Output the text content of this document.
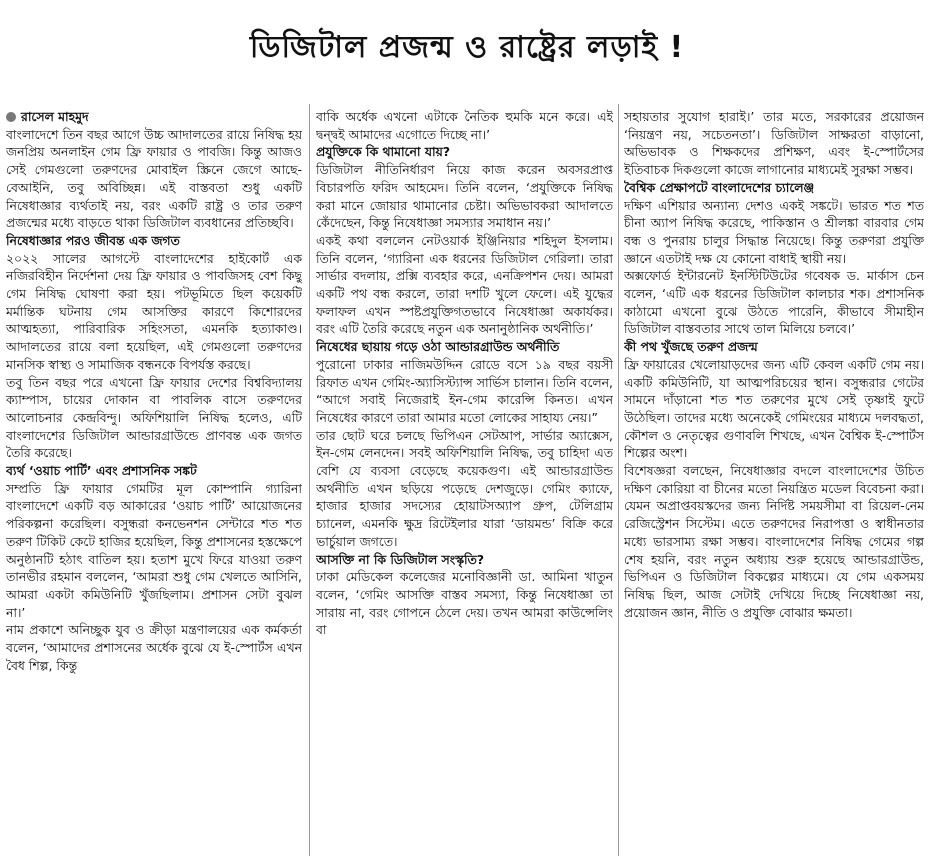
ডিজিটাল প্রজন্ম ও রাষ্ট্রের লড়াই !

রাসেল মাহমুদ

বাংলাদেশে তিন বছর আগে উচ্চ আদালতের রায়ে নিষিদ্ধ হয় জনপ্রিয় অনলাইন গেম ফ্রি ফায়ার ও পাবজি। কিন্তু আজও সেই গেমগুলো তরুণদের মোবাইল স্ক্রিনে জেগে আছে- বেআইনি, তবু অবিচ্ছিন্ন। এই বাস্তবতা শুধু একটি নিষেধাজ্ঞার ব্যর্থতাই নয়, বরং একটি রাষ্ট্র ও তার তরুণ প্রজন্মের মধ্যে বাড়তে থাকা ডিজিটাল ব্যবধানের প্রতিচ্ছবি।

নিষেধাজ্ঞার পরও জীবন্ত এক জগত

২০২২ সালের আগস্টে বাংলাদেশের হাইকোর্ট এক নজিরবিহীন নির্দেশনা দেয় ফ্রি ফায়ার ও পাবজিসহ বেশ কিছু গেম নিষিদ্ধ ঘোষণা করা হয়। পটভূমিতে ছিল কয়েকটি মর্মান্তিক ঘটনায় গেম আসক্তির কারণে কিশোরদের আত্মহত্যা, পারিবারিক সহিংসতা, এমনকি হত্যাকাণ্ড। আদালতের রায়ে বলা হয়েছিল, এই গেমগুলো তরুণদের মানসিক স্বাস্থ্য ও সামাজিক বন্ধনকে বিপর্যস্ত করছে।

তবু তিন বছর পরে এখনো ফ্রি ফায়ার দেশের বিশ্ববিদ্যালয় ক্যাম্পাস, চায়ের দোকান বা পাবলিক বাসে তরুণদের আলোচনার কেন্দ্রবিন্দু। অফিশিয়ালি নিষিদ্ধ হলেও, এটি বাংলাদেশের ডিজিটাল আন্ডারগ্রাউন্ডে প্রাণবন্ত এক জগত তৈরি করেছে।

ব্যর্থ ‘ওয়াচ পার্টি’ এবং প্রশাসনিক সঙ্কট

সম্প্রতি ফ্রি ফায়ার গেমটির মূল কোম্পানি গ্যারিনা বাংলাদেশে একটি বড় আকারের ‘ওয়াচ পার্টি’ আয়োজনের পরিকল্পনা করেছিল। বসুন্ধরা কনভেনশন সেন্টারে শত শত তরুণ টিকিট কেটে হাজির হয়েছিল, কিন্তু প্রশাসনের হস্তক্ষেপে অনুষ্ঠানটি হঠাৎ বাতিল হয়। হতাশ মুখে ফিরে যাওয়া তরুণ তানভীর রহমান বললেন, ‘আমরা শুধু গেম খেলতে আসিনি, আমরা একটা কমিউনিটি খুঁজছিলাম। প্রশাসন সেটা বুঝল না।’

নাম প্রকাশে অনিচ্ছুক যুব ও ক্রীড়া মন্ত্রণালয়ের এক কর্মকর্তা বলেন, ‘আমাদের প্রশাসনের অর্ধেক বুঝে যে ই-স্পোর্টস এখন বৈধ শিল্প, কিন্তু

বাকি অর্ধেক এখনো এটাকে নৈতিক হুমকি মনে করে। এই দ্বন্দ্বই আমাদের এগোতে দিচ্ছে না।’

প্রযুক্তিকে কি থামানো যায়?

ডিজিটাল নীতিনির্ধারণ নিয়ে কাজ করেন অবসরপ্রাপ্ত বিচারপতি ফরিদ আহমেদ। তিনি বলেন, ‘প্রযুক্তিকে নিষিদ্ধ করা মানে জোয়ার থামানোর চেষ্টা। অভিভাবকরা আদালতে কেঁদেছেন, কিন্তু নিষেধাজ্ঞা সমস্যার সমাধান নয়।’

একই কথা বললেন নেটওয়ার্ক ইঞ্জিনিয়ার শহিদুল ইসলাম। তিনি বলেন, ‘গ্যারিনা এক ধরনের ডিজিটাল গেরিলা। তারা সার্ভার বদলায়, প্রক্সি ব্যবহার করে, এনক্রিপশন দেয়। আমরা একটি পথ বন্ধ করলে, তারা দশটি খুলে ফেলে। এই যুদ্ধের ফলাফল এখন স্পষ্টপ্রযুক্তিগতভাবে নিষেধাজ্ঞা অকার্যকর। বরং এটি তৈরি করেছে নতুন এক অনানুষ্ঠানিক অর্থনীতি।’

নিষেধের ছায়ায় গড়ে ওঠা আন্ডারগ্রাউন্ড অর্থনীতি

পুরোনো ঢাকার নাজিমউদ্দিন রোডে বসে ১৯ বছর বয়সী রিফাত এখন গেমিং-অ্যাসিস্ট্যান্স সার্ভিস চালান। তিনি বলেন, “আগে সবাই নিজেরাই ইন-গেম কারেন্সি কিনত। এখন নিষেধের কারণে তারা আমার মতো লোকের সাহায্য নেয়।”

তার ছোট ঘরে চলছে ভিপিএন সেটআপ, সার্ভার অ্যাক্সেস, ইন-গেম লেনদেন। সবই অফিশিয়ালি নিষিদ্ধ, তবু চাহিদা এত বেশি যে ব্যবসা বেড়েছে কয়েকগুণ। এই আন্ডারগ্রাউন্ড অর্থনীতি এখন ছড়িয়ে পড়েছে দেশজুড়ে। গেমিং ক্যাফে, হাজার হাজার সদস্যের হোয়াটসঅ্যাপ গ্রুপ, টেলিগ্রাম চ্যানেল, এমনকি ক্ষুদ্র রিটেইলার যারা ‘ডায়মন্ড’ বিক্রি করে ভার্চুয়াল জগতে।

আসক্তি না কি ডিজিটাল সংস্কৃতি?

ঢাকা মেডিকেল কলেজের মনোবিজ্ঞানী ডা. আমিনা খাতুন বলেন, ‘গেমিং আসক্তি বাস্তব সমস্যা, কিন্তু নিষেধাজ্ঞা তা সারায় না, বরং গোপনে ঠেলে দেয়। তখন আমরা কাউন্সেলিং বা

সহায়তার সুযোগ হারাই।’ তার মতে, সরকারের প্রয়োজন ‘নিয়ন্ত্রণ নয়, সচেতনতা’। ডিজিটাল সাক্ষরতা বাড়ানো, অভিভাবক ও শিক্ষকদের প্রশিক্ষণ, এবং ই-স্পোর্টসের ইতিবাচক দিকগুলো কাজে লাগানোর মাধ্যমেই সুরক্ষা সম্ভব।

বৈশ্বিক প্রেক্ষাপটে বাংলাদেশের চ্যালেঞ্জ

দক্ষিণ এশিয়ার অন্যান্য দেশও একই সঙ্কটে। ভারত শত শত চীনা অ্যাপ নিষিদ্ধ করেছে, পাকিস্তান ও শ্রীলঙ্কা বারবার গেম বন্ধ ও পুনরায় চালুর সিদ্ধান্ত নিয়েছে। কিন্তু তরুণরা প্রযুক্তি জ্ঞানে এতটাই দক্ষ যে কোনো বাধাই স্থায়ী নয়।

অক্সফোর্ড ইন্টারনেট ইনস্টিটিউটের গবেষক ড. মার্কাস চেন বলেন, ‘এটি এক ধরনের ডিজিটাল কালচার শক। প্রশাসনিক কাঠামো এখনো বুঝে উঠতে পারেনি, কীভাবে সীমাহীন ডিজিটাল বাস্তবতার সাথে তাল মিলিয়ে চলবে।’

কী পথ খুঁজছে তরুণ প্রজন্ম

ফ্রি ফায়ারের খেলোয়াড়দের জন্য এটি কেবল একটি গেম নয়। একটি কমিউনিটি, যা আত্মপরিচয়ের স্থান। বসুন্ধরার গেটের সামনে দাঁড়ানো শত শত তরুণের মুখে সেই তৃষ্ণাই ফুটে উঠেছিল। তাদের মধ্যে অনেকেই গেমিংয়ের মাধ্যমে দলবদ্ধতা, কৌশল ও নেতৃত্বের গুণাবলি শিখছে, এখন বৈশ্বিক ই-স্পোর্টস শিল্পের অংশ।

বিশেষজ্ঞরা বলছেন, নিষেধাজ্ঞার বদলে বাংলাদেশের উচিত দক্ষিণ কোরিয়া বা চীনের মতো নিয়ন্ত্রিত মডেল বিবেচনা করা। যেমন অপ্রাপ্তবয়স্কদের জন্য নির্দিষ্ট সময়সীমা বা রিয়েল-নেম রেজিস্ট্রেশন সিস্টেম। এতে তরুণদের নিরাপত্তা ও স্বাধীনতার মধ্যে ভারসাম্য রক্ষা সম্ভব। বাংলাদেশের নিষিদ্ধ গেমের গল্প শেষ হয়নি, বরং নতুন অধ্যায় শুরু হয়েছে আন্ডারগ্রাউন্ড, ভিপিএন ও ডিজিটাল বিকল্পের মাধ্যমে। যে গেম একসময় নিষিদ্ধ ছিল, আজ সেটাই দেখিয়ে দিচ্ছে নিষেধাজ্ঞা নয়, প্রয়োজন জ্ঞান, নীতি ও প্রযুক্তি বোঝার ক্ষমতা।
